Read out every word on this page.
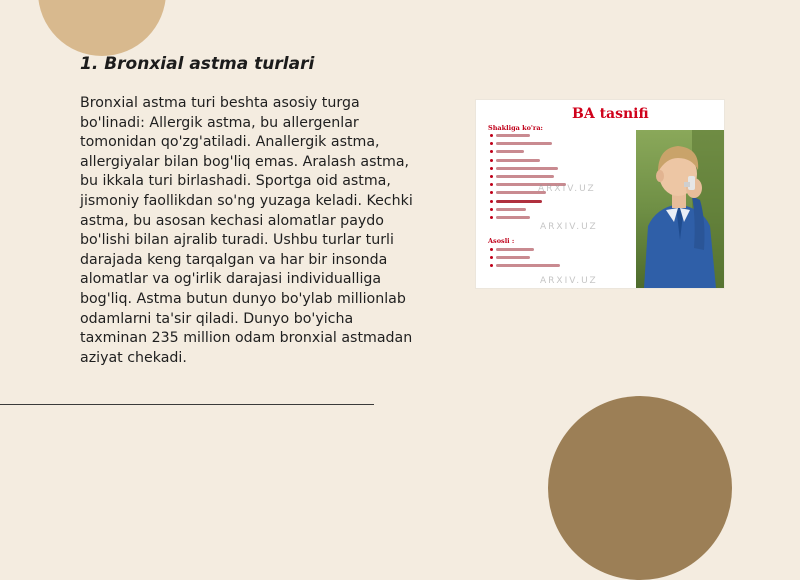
1. Bronxial astma turlari

Bronxial astma turi beshta asosiy turga bo'linadi: Allergik astma, bu allergenlar tomonidan qo'zg'atiladi. Anallergik astma, allergiyalar bilan bog'liq emas. Aralash astma, bu ikkala turi birlashadi. Sportga oid astma, jismoniy faollikdan so'ng yuzaga keladi. Kechki astma, bu asosan kechasi alomatlar paydo bo'lishi bilan ajralib turadi. Ushbu turlar turli darajada keng tarqalgan va har bir insonda alomatlar va og'irlik darajasi individualliga bog'liq. Astma butun dunyo bo'ylab millionlab odamlarni ta'sir qiladi. Dunyo bo'yicha taxminan 235 million odam bronxial astmadan aziyat chekadi.

BA tasnifi
Shakliga ko'ra:
Asosli :
ARXIV.UZ
ARXIV.UZ
ARXIV.UZ
